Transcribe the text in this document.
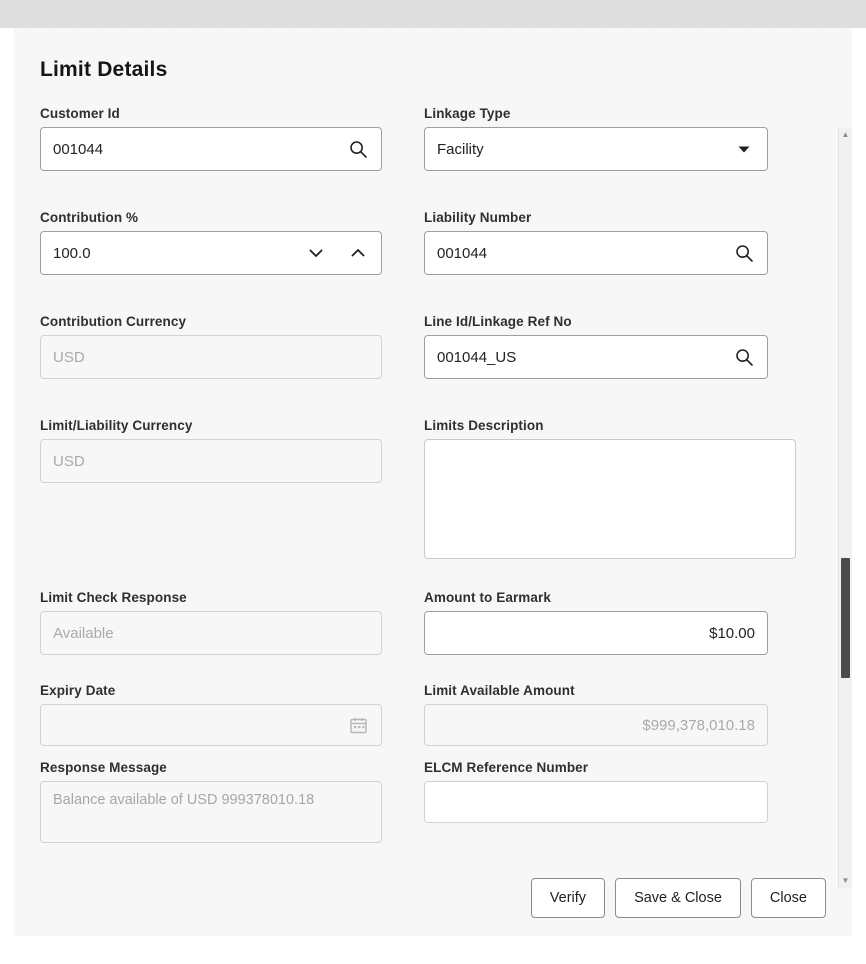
Limit Details
Customer Id
001044
Contribution %
100.0
Contribution Currency
USD
Limit/Liability Currency
USD
Limit Check Response
Available
Expiry Date
Response Message
Balance available of USD 999378010.18
Linkage Type
Facility
Liability Number
001044
Line Id/Linkage Ref No
001044_US
Limits Description
Amount to Earmark
$10.00
Limit Available Amount
$999,378,010.18
ELCM Reference Number
Verify	Save & Close	Close
▲
▼
